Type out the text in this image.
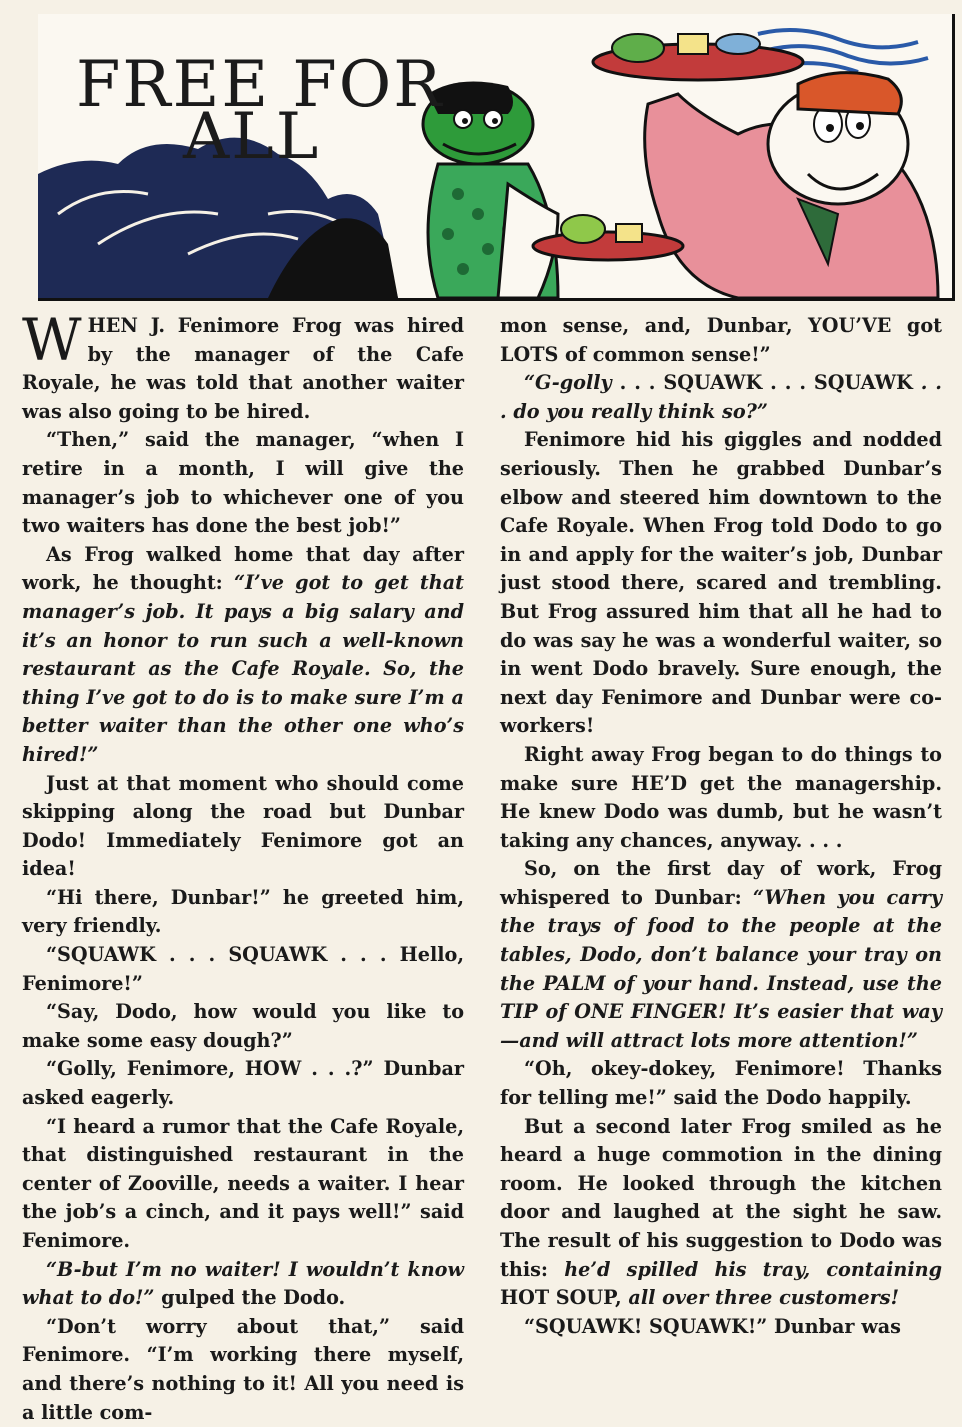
FREE FOR
ALL

WHEN J. Fenimore Frog was hired by the manager of the Cafe Royale, he was told that another waiter was also going to be hired.

“Then,” said the manager, “when I retire in a month, I will give the manager’s job to whichever one of you two waiters has done the best job!”

As Frog walked home that day after work, he thought: “I’ve got to get that manager’s job. It pays a big salary and it’s an honor to run such a well-known restaurant as the Cafe Royale. So, the thing I’ve got to do is to make sure I’m a better waiter than the other one who’s hired!”

Just at that moment who should come skipping along the road but Dunbar Dodo! Immediately Fenimore got an idea!

“Hi there, Dunbar!” he greeted him, very friendly.

“SQUAWK . . . SQUAWK . . . Hello, Fenimore!”

“Say, Dodo, how would you like to make some easy dough?”

“Golly, Fenimore, HOW . . .?” Dunbar asked eagerly.

“I heard a rumor that the Cafe Royale, that distinguished restaurant in the center of Zooville, needs a waiter. I hear the job’s a cinch, and it pays well!” said Fenimore.

“B-but I’m no waiter! I wouldn’t know what to do!” gulped the Dodo.

“Don’t worry about that,” said Fenimore. “I’m working there myself, and there’s nothing to it! All you need is a little com-

mon sense, and, Dunbar, YOU’VE got LOTS of common sense!”

“G-golly . . . SQUAWK . . . SQUAWK . . . do you really think so?”

Fenimore hid his giggles and nodded seriously. Then he grabbed Dunbar’s elbow and steered him downtown to the Cafe Royale. When Frog told Dodo to go in and apply for the waiter’s job, Dunbar just stood there, scared and trembling. But Frog assured him that all he had to do was say he was a wonderful waiter, so in went Dodo bravely. Sure enough, the next day Fenimore and Dunbar were co-workers!

Right away Frog began to do things to make sure HE’D get the managership. He knew Dodo was dumb, but he wasn’t taking any chances, anyway. . . .

So, on the first day of work, Frog whispered to Dunbar: “When you carry the trays of food to the people at the tables, Dodo, don’t balance your tray on the PALM of your hand. Instead, use the TIP of ONE FINGER! It’s easier that way—and will attract lots more attention!”

“Oh, okey-dokey, Fenimore! Thanks for telling me!” said the Dodo happily.

But a second later Frog smiled as he heard a huge commotion in the dining room. He looked through the kitchen door and laughed at the sight he saw. The result of his suggestion to Dodo was this: he’d spilled his tray, containing HOT SOUP, all over three customers!

“SQUAWK! SQUAWK!” Dunbar was
